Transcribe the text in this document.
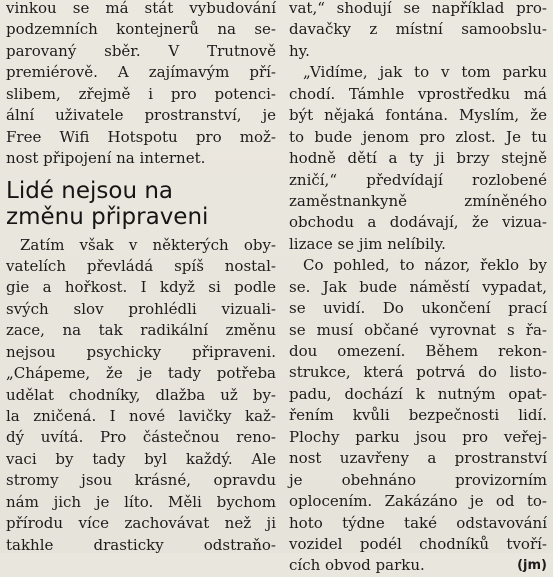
vinkou se má stát vybudování
podzemních kontejnerů na se-
parovaný sběr. V Trutnově
premiérově. A zajímavým pří-
slibem, zřejmě i pro potenci-
ální uživatele prostranství, je
Free Wifi Hotspotu pro mož-
nost připojení na internet.
Lidé nejsou na
změnu připraveni
Zatím však v některých oby-
vatelích převládá spíš nostal-
gie a hořkost. I když si podle
svých slov prohlédli vizuali-
zace, na tak radikální změnu
nejsou psychicky připraveni.
„Chápeme, že je tady potřeba
udělat chodníky, dlažba už by-
la zničená. I nové lavičky kaž-
dý uvítá. Pro částečnou reno-
vaci by tady byl každý. Ale
stromy jsou krásné, opravdu
nám jich je líto. Měli bychom
přírodu více zachovávat než ji
takhle drasticky odstraňo-
vat,“ shodují se například pro-
davačky z místní samoobslu-
hy.
„Vidíme, jak to v tom parku
chodí. Támhle vprostředku má
být nějaká fontána. Myslím, že
to bude jenom pro zlost. Je tu
hodně dětí a ty ji brzy stejně
zničí,“ předvídají rozlobené
zaměstnankyně zmíněného
obchodu a dodávají, že vizua-
lizace se jim nelíbily.
Co pohled, to názor, řeklo by
se. Jak bude náměstí vypadat,
se uvidí. Do ukončení prací
se musí občané vyrovnat s řa-
dou omezení. Během rekon-
strukce, která potrvá do listo-
padu, dochází k nutným opat-
řením kvůli bezpečnosti lidí.
Plochy parku jsou pro veřej-
nost uzavřeny a prostranství
je obehnáno provizorním
oplocením. Zakázáno je od to-
hoto týdne také odstavování
vozidel podél chodníků tvoří-
cích obvod parku.	(jm)
